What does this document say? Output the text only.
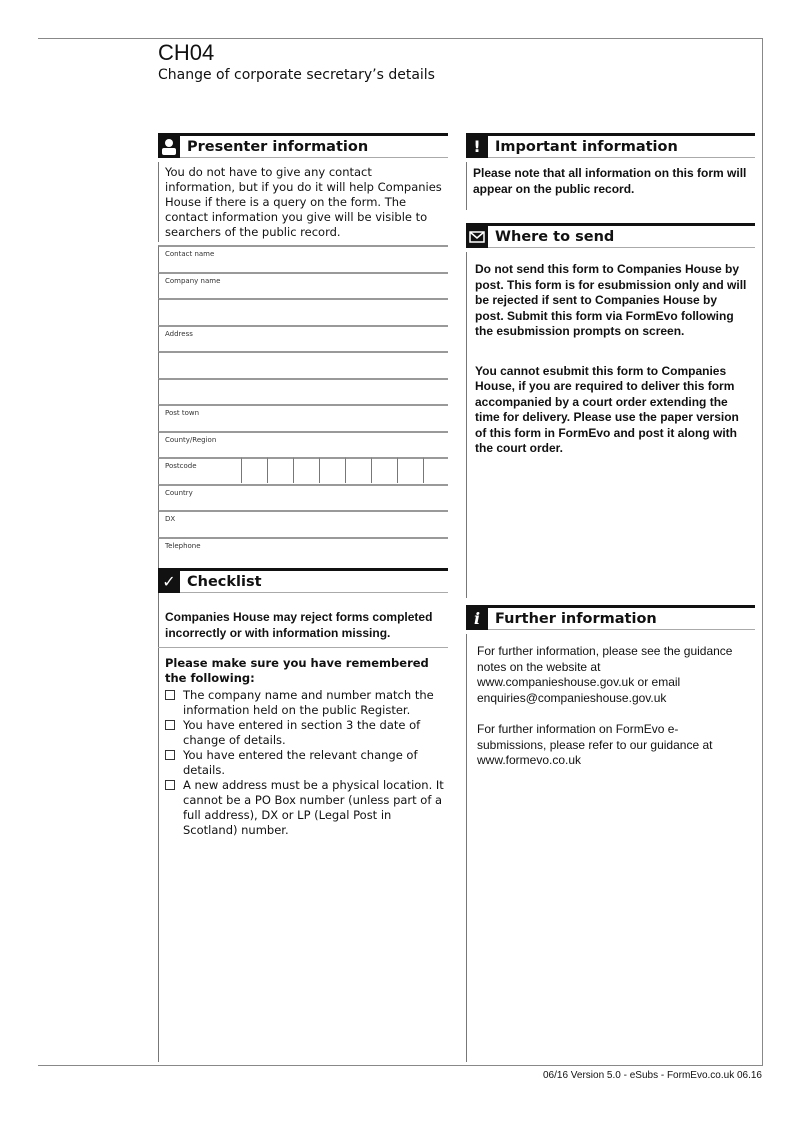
CH04
Change of corporate secretary’s details
Presenter information
You do not have to give any contact information, but if you do it will help Companies House if there is a query on the form. The contact information you give will be visible to searchers of the public record.
Contact name
Company name
Address
Post town
County/Region
Postcode
Country
DX
Telephone
✓ Checklist
Companies House may reject forms completed incorrectly or with information missing.
Please make sure you have remembered the following:
The company name and number match the information held on the public Register.
You have entered in section 3 the date of change of details.
You have entered the relevant change of details.
A new address must be a physical location. It cannot be a PO Box number (unless part of a full address), DX or LP (Legal Post in Scotland) number.
! Important information
Please note that all information on this form will appear on the public record.
Where to send
Do not send this form to Companies House by post. This form is for esubmission only and will be rejected if sent to Companies House by post. Submit this form via FormEvo following the esubmission prompts on screen.
You cannot esubmit this form to Companies House, if you are required to deliver this form accompanied by a court order extending the time for delivery. Please use the paper version of this form in FormEvo and post it along with the court order.
i	Further information
For further information, please see the guidance notes on the website at www.companieshouse.gov.uk or email enquiries@companieshouse.gov.uk
For further information on FormEvo e-submissions, please refer to our guidance at www.formevo.co.uk
06/16 Version 5.0 - eSubs - FormEvo.co.uk 06.16
